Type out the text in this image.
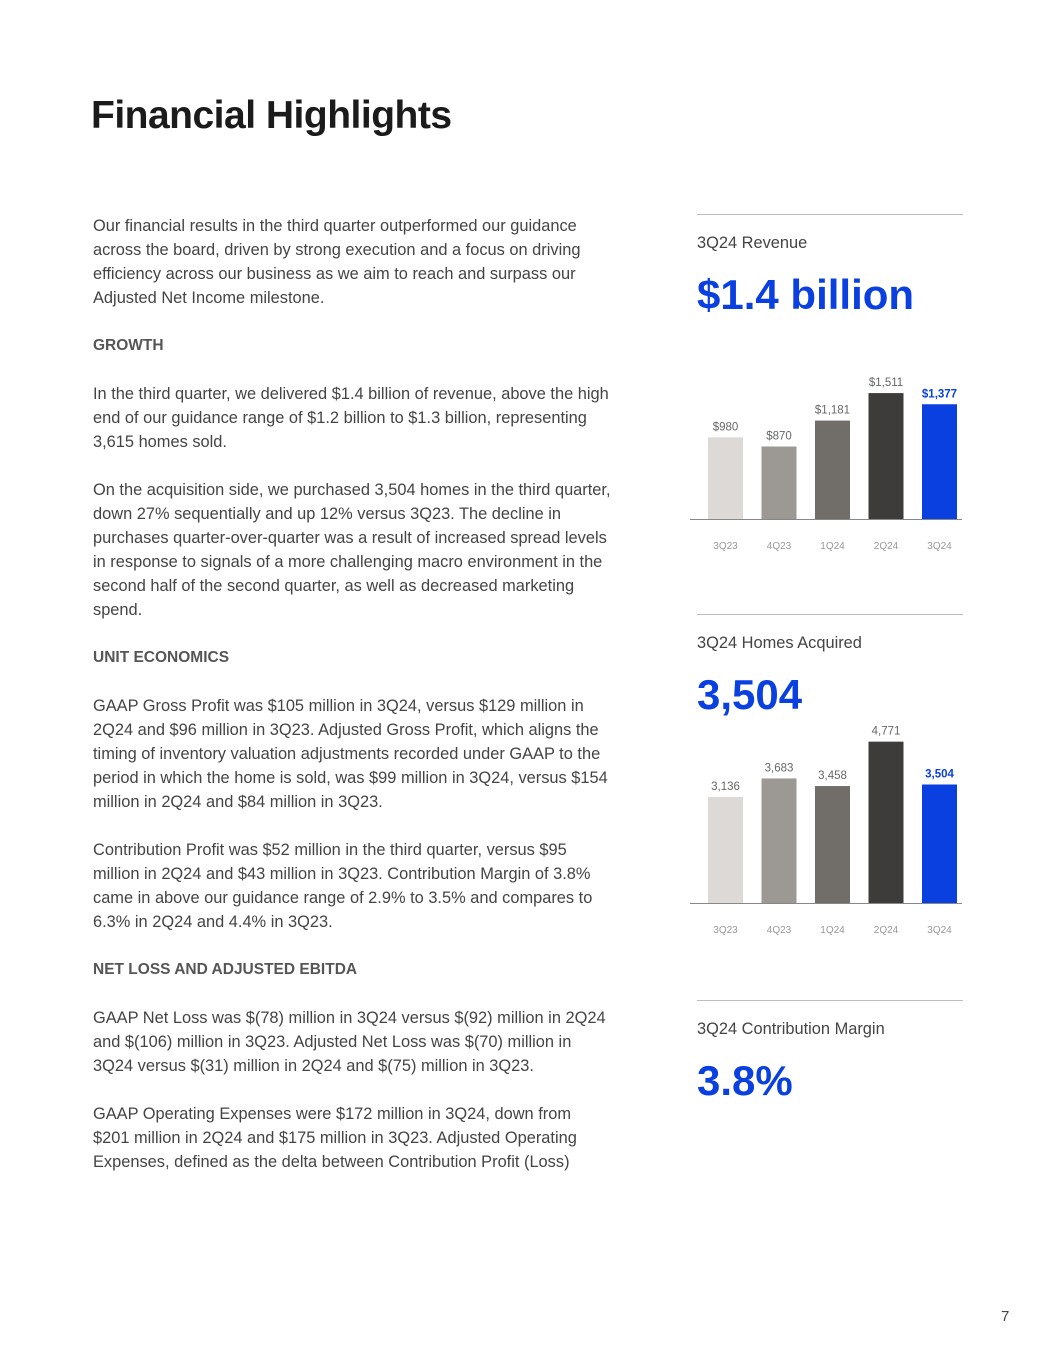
Financial Highlights

Our financial results in the third quarter outperformed our guidance across the board, driven by strong execution and a focus on driving efficiency across our business as we aim to reach and surpass our Adjusted Net Income milestone.

GROWTH

In the third quarter, we delivered $1.4 billion of revenue, above the high end of our guidance range of $1.2 billion to $1.3 billion, representing 3,615 homes sold.

On the acquisition side, we purchased 3,504 homes in the third quarter, down 27% sequentially and up 12% versus 3Q23. The decline in purchases quarter-over-quarter was a result of increased spread levels in response to signals of a more challenging macro environment in the second half of the second quarter, as well as decreased marketing spend.

UNIT ECONOMICS

GAAP Gross Profit was $105 million in 3Q24, versus $129 million in 2Q24 and $96 million in 3Q23. Adjusted Gross Profit, which aligns the timing of inventory valuation adjustments recorded under GAAP to the period in which the home is sold, was $99 million in 3Q24, versus $154 million in 2Q24 and $84 million in 3Q23.

Contribution Profit was $52 million in the third quarter, versus $95 million in 2Q24 and $43 million in 3Q23. Contribution Margin of 3.8% came in above our guidance range of 2.9% to 3.5% and compares to 6.3% in 2Q24 and 4.4% in 3Q23.

NET LOSS AND ADJUSTED EBITDA

GAAP Net Loss was $(78) million in 3Q24 versus $(92) million in 2Q24 and $(106) million in 3Q23. Adjusted Net Loss was $(70) million in 3Q24 versus $(31) million in 2Q24 and $(75) million in 3Q23.

GAAP Operating Expenses were $172 million in 3Q24, down from $201 million in 2Q24 and $175 million in 3Q23. Adjusted Operating Expenses, defined as the delta between Contribution Profit (Loss)

3Q24 Revenue
$1.4 billion
$980
3Q23
$870
4Q23
$1,181
1Q24
$1,511
2Q24
$1,377
3Q24
3Q24 Homes Acquired
3,504
3,136
3Q23
3,683
4Q23
3,458
1Q24
4,771
2Q24
3,504
3Q24
3Q24 Contribution Margin
3.8%
7
